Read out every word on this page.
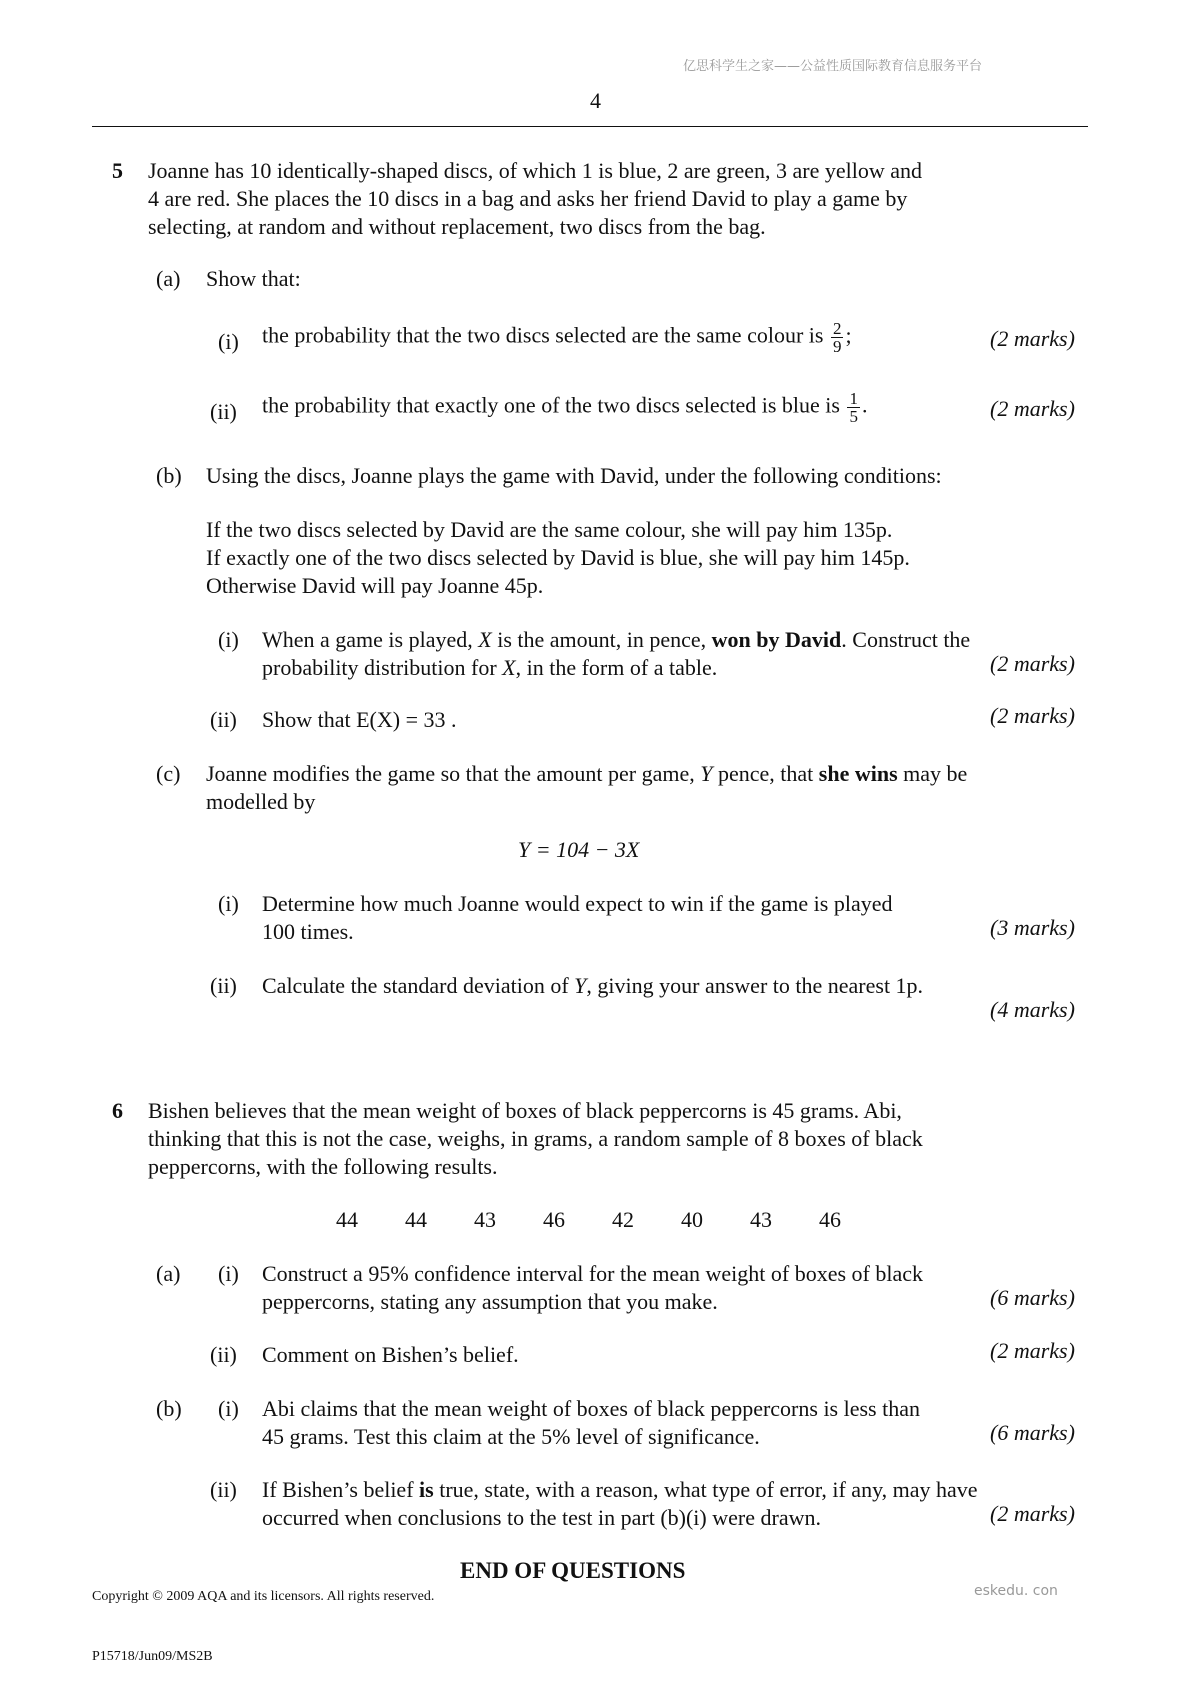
亿思科学生之家——公益性质国际教育信息服务平台
4
5 Joanne has 10 identically-shaped discs, of which 1 is blue, 2 are green, 3 are yellow and
4 are red. She places the 10 discs in a bag and asks her friend David to play a game by
selecting, at random and without replacement, two discs from the bag.
(a) Show that:
(i) the probability that the two discs selected are the same colour is $\frac{2}{9}$ ;	(2 marks)
(ii) the probability that exactly one of the two discs selected is blue is $\frac{1}{5}$ .	(2 marks)
(b) Using the discs, Joanne plays the game with David, under the following conditions:
If the two discs selected by David are the same colour, she will pay him 135p.
If exactly one of the two discs selected by David is blue, she will pay him 145p.
Otherwise David will pay Joanne 45p.
(i) When a game is played, X is the amount, in pence, won by David. Construct the
probability distribution for X, in the form of a table.	(2 marks)
(ii) Show that E(X) = 33 .	(2 marks)
(c) Joanne modifies the game so that the amount per game, Y pence, that she wins may be
modelled by
Y = 104 − 3X
(i) Determine how much Joanne would expect to win if the game is played
100 times.	(3 marks)
(ii) Calculate the standard deviation of Y, giving your answer to the nearest 1p.
(4 marks)
6 Bishen believes that the mean weight of boxes of black peppercorns is 45 grams. Abi,
thinking that this is not the case, weighs, in grams, a random sample of 8 boxes of black
peppercorns, with the following results.
44 44 43 46 42 40 43 46
(a) (i) Construct a 95% confidence interval for the mean weight of boxes of black
peppercorns, stating any assumption that you make.	(6 marks)
(ii) Comment on Bishen’s belief.	(2 marks)
(b) (i) Abi claims that the mean weight of boxes of black peppercorns is less than
45 grams. Test this claim at the 5% level of significance.	(6 marks)
(ii) If Bishen’s belief is true, state, with a reason, what type of error, if any, may have
occurred when conclusions to the test in part (b)(i) were drawn.	(2 marks)
END OF QUESTIONS
Copyright © 2009 AQA and its licensors. All rights reserved.	eskedu. con
P15718/Jun09/MS2B
